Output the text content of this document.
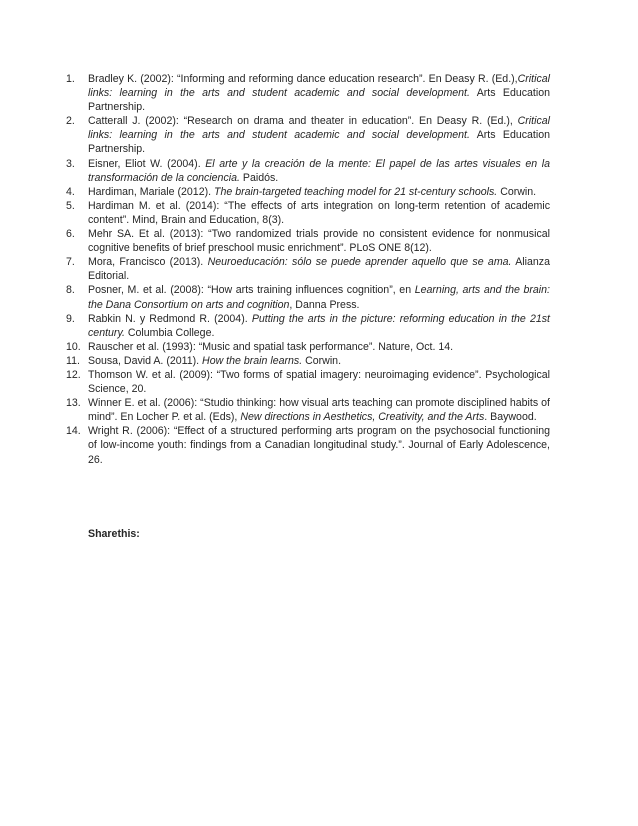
1.	Bradley K. (2002): “Informing and reforming dance education research”. En Deasy R. (Ed.),Critical links: learning in the arts and student academic and social development. Arts Education Partnership.
2.	Catterall J. (2002): “Research on drama and theater in education”. En Deasy R. (Ed.), Critical links: learning in the arts and student academic and social development. Arts Education Partnership.
3.	Eisner, Eliot W. (2004). El arte y la creación de la mente: El papel de las artes visuales en la transformación de la conciencia. Paidós.
4.	Hardiman, Mariale (2012). The brain-targeted teaching model for 21 st-century schools. Corwin.
5.	Hardiman M. et al. (2014): “The effects of arts integration on long-term retention of academic content”. Mind, Brain and Education, 8(3).
6.	Mehr SA. Et al. (2013): “Two randomized trials provide no consistent evidence for nonmusical cognitive benefits of brief preschool music enrichment”. PLoS ONE 8(12).
7.	Mora, Francisco (2013). Neuroeducación: sólo se puede aprender aquello que se ama. Alianza Editorial.
8.	Posner, M. et al. (2008): “How arts training influences cognition”, en Learning, arts and the brain: the Dana Consortium on arts and cognition, Danna Press.
9.	Rabkin N. y Redmond R. (2004). Putting the arts in the picture: reforming education in the 21st century. Columbia College.
10. Rauscher et al. (1993): “Music and spatial task performance”. Nature, Oct. 14.
11. Sousa, David A. (2011). How the brain learns. Corwin.
12. Thomson W. et al. (2009): “Two forms of spatial imagery: neuroimaging evidence”. Psychological Science, 20.
13. Winner E. et al. (2006): “Studio thinking: how visual arts teaching can promote disciplined habits of mind”. En Locher P. et al. (Eds), New directions in Aesthetics, Creativity, and the Arts. Baywood.
14. Wright R. (2006): “Effect of a structured performing arts program on the psychosocial functioning of low-income youth: findings from a Canadian longitudinal study.”. Journal of Early Adolescence, 26.
Sharethis:
